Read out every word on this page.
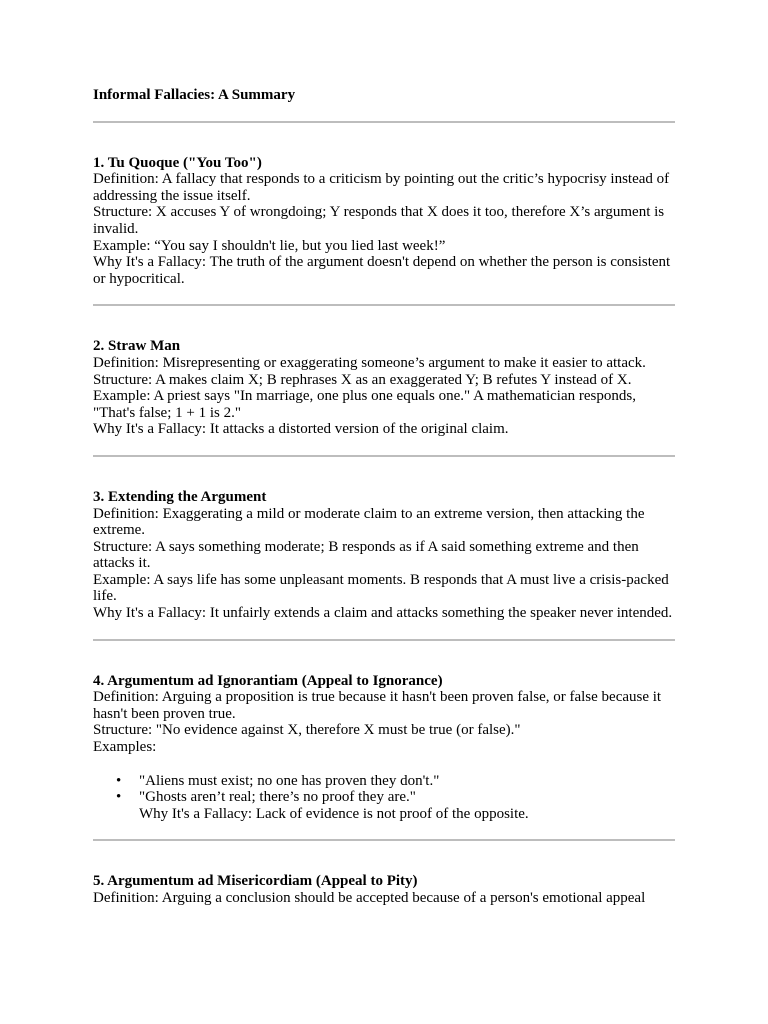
Informal Fallacies: A Summary
1. Tu Quoque ("You Too")

Definition: A fallacy that responds to a criticism by pointing out the critic’s hypocrisy instead of addressing the issue itself.

Structure: X accuses Y of wrongdoing; Y responds that X does it too, therefore X’s argument is invalid.

Example: “You say I shouldn't lie, but you lied last week!”

Why It's a Fallacy: The truth of the argument doesn't depend on whether the person is consistent or hypocritical.

2. Straw Man

Definition: Misrepresenting or exaggerating someone’s argument to make it easier to attack.

Structure: A makes claim X; B rephrases X as an exaggerated Y; B refutes Y instead of X.

Example: A priest says "In marriage, one plus one equals one." A mathematician responds, "That's false; 1 + 1 is 2."

Why It's a Fallacy: It attacks a distorted version of the original claim.

3. Extending the Argument

Definition: Exaggerating a mild or moderate claim to an extreme version, then attacking the extreme.

Structure: A says something moderate; B responds as if A said something extreme and then attacks it.

Example: A says life has some unpleasant moments. B responds that A must live a crisis-packed life.

Why It's a Fallacy: It unfairly extends a claim and attacks something the speaker never intended.

4. Argumentum ad Ignorantiam (Appeal to Ignorance)

Definition: Arguing a proposition is true because it hasn't been proven false, or false because it hasn't been proven true.

Structure: "No evidence against X, therefore X must be true (or false)."

Examples:

• "Aliens must exist; no one has proven they don't."
• "Ghosts aren’t real; there’s no proof they are."
Why It's a Fallacy: Lack of evidence is not proof of the opposite.
5. Argumentum ad Misericordiam (Appeal to Pity)

Definition: Arguing a conclusion should be accepted because of a person's emotional appeal
